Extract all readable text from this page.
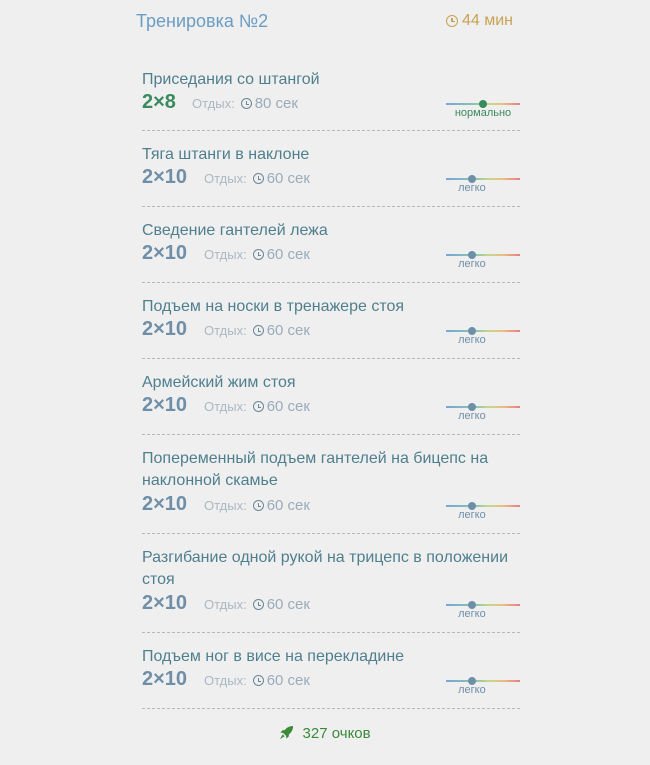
Тренировка №2	44 мин
Приседания со штангой
2×8 Отдых: 80 сек
нормально
Тяга штанги в наклоне
2×10 Отдых: 60 сек
легко
Сведение гантелей лежа
2×10 Отдых: 60 сек
легко
Подъем на носки в тренажере стоя
2×10 Отдых: 60 сек
легко
Армейский жим стоя
2×10 Отдых: 60 сек
легко
Попеременный подъем гантелей на бицепс на наклонной скамье
2×10 Отдых: 60 сек
легко
Разгибание одной рукой на трицепс в положении стоя
2×10 Отдых: 60 сек
легко
Подъем ног в висе на перекладине
2×10 Отдых: 60 сек
легко
327 очков
